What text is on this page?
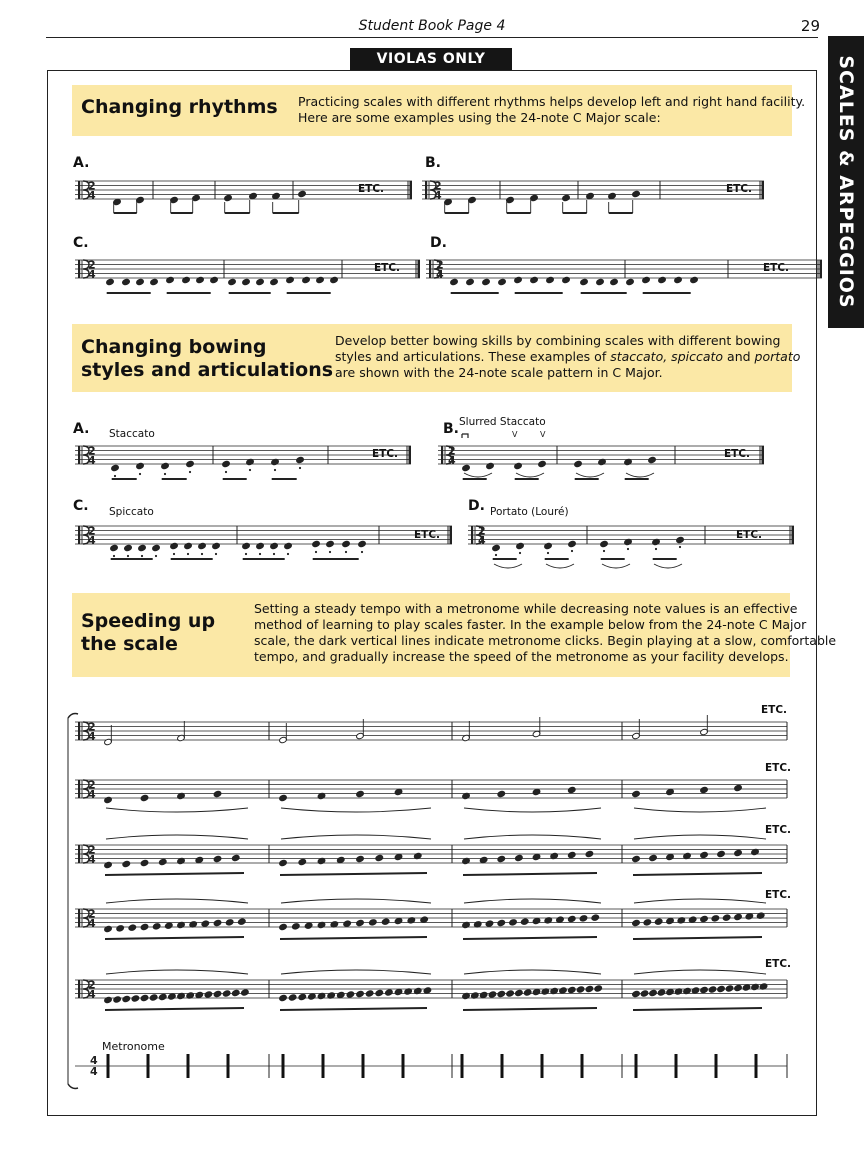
Student Book Page 4	29
SCALES & ARPEGGIOS
VIOLAS ONLY
Changing rhythms Practicing scales with different rhythms helps develop left and right hand facility.
Here are some examples using the 24-note C Major scale:
A.	B.
C.	D.
Changing bowing
styles and articulations
Develop better bowing skills by combining scales with different bowing
styles and articulations. These examples of staccato, spiccato and portato
are shown with the 24-note scale pattern in C Major.
A.	B.
C.	D.
Staccato
Slurred Staccato
Spiccato	Portato (Louré)
Speeding up
the scale
Setting a steady tempo with a metronome while decreasing note values is an effective
method of learning to play scales faster. In the example below from the 24-note C Major
scale, the dark vertical lines indicate metronome clicks. Begin playing at a slow, comfortable
tempo, and gradually increase the speed of the metronome as your facility develops.
Metronome
ETC.	ETC.
ETC.	ETC.
ETC.	ETC.
ETC.	ETC.
ETC.
ETC.
ETC.
ETC.
ETC.
2
4
2
4
2
4
2
4
2
4
2
4
V	V
2
4
2
4
2
4
2
4
2
4
2
4
2
4
4
4
